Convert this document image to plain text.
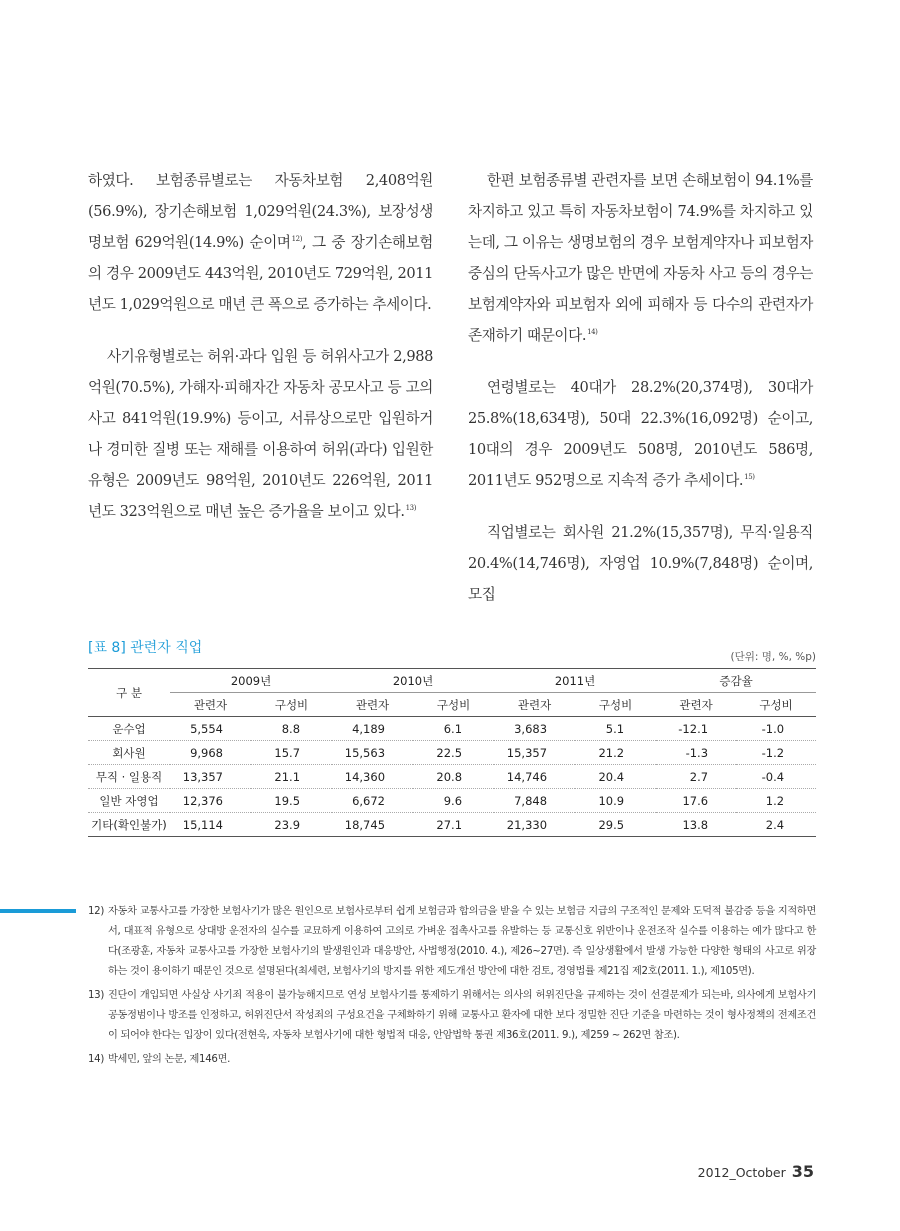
하였다. 보험종류별로는 자동차보험 2,408억원(56.9%), 장기손해보험 1,029억원(24.3%), 보장성생명보험 629억원(14.9%) 순이며$^{12)}$, 그 중 장기손해보험의 경우 2009년도 443억원, 2010년도 729억원, 2011년도 1,029억원으로 매년 큰 폭으로 증가하는 추세이다.

사기유형별로는 허위·과다 입원 등 허위사고가 2,988억원(70.5%), 가해자·피해자간 자동차 공모사고 등 고의사고 841억원(19.9%) 등이고, 서류상으로만 입원하거나 경미한 질병 또는 재해를 이용하여 허위(과다) 입원한 유형은 2009년도 98억원, 2010년도 226억원, 2011년도 323억원으로 매년 높은 증가율을 보이고 있다.$^{13)}$

한편 보험종류별 관련자를 보면 손해보험이 94.1%를 차지하고 있고 특히 자동차보험이 74.9%를 차지하고 있는데, 그 이유는 생명보험의 경우 보험계약자나 피보험자 중심의 단독사고가 많은 반면에 자동차 사고 등의 경우는 보험계약자와 피보험자 외에 피해자 등 다수의 관련자가 존재하기 때문이다.$^{14)}$

연령별로는 40대가 28.2%(20,374명), 30대가 25.8%(18,634명), 50대 22.3%(16,092명) 순이고, 10대의 경우 2009년도 508명, 2010년도 586명, 2011년도 952명으로 지속적 증가 추세이다.$^{15)}$

직업별로는 회사원 21.2%(15,357명), 무직·일용직 20.4%(14,746명), 자영업 10.9%(7,848명) 순이며, 모집

[표 8] 관련자 직업
(단위: 명, %, %p)
구 분	2009년		2010년		2011년		증감율	
	관련자	구성비	관련자	구성비	관련자	구성비	관련자	구성비
운수업	5,554	8.8	4,189	6.1	3,683	5.1	-12.1	-1.0
회사원	9,968	15.7	15,563	22.5	15,357	21.2	-1.3	-1.2
무직 · 일용직	13,357	21.1	14,360	20.8	14,746	20.4	2.7	-0.4
일반 자영업	12,376	19.5	6,672	9.6	7,848	10.9	17.6	1.2
기타(확인불가)	15,114	23.9	18,745	27.1	21,330	29.5	13.8	2.4
12) 자동차 교통사고를 가장한 보험사기가 많은 원인으로 보험사로부터 쉽게 보험금과 합의금을 받을 수 있는 보험금 지급의 구조적인 문제와 도덕적 불감증 등을 지적하면서, 대표적 유형으로 상대방 운전자의 실수를 교묘하게 이용하여 고의로 가벼운 접촉사고를 유발하는 등 교통신호 위반이나 운전조작 실수를 이용하는 예가 많다고 한다(조광훈, 자동차 교통사고를 가장한 보험사기의 발생원인과 대응방안, 사법행정(2010. 4.), 제26~27면). 즉 일상생활에서 발생 가능한 다양한 형태의 사고로 위장하는 것이 용이하기 때문인 것으로 설명된다(최세련, 보험사기의 방지를 위한 제도개선 방안에 대한 검토, 경영법률 제21집 제2호(2011. 1.), 제105면).
13) 진단이 개입되면 사실상 사기죄 적용이 불가능해지므로 연성 보험사기를 통제하기 위해서는 의사의 허위진단을 규제하는 것이 선결문제가 되는바, 의사에게 보험사기 공동정범이나 방조를 인정하고, 허위진단서 작성죄의 구성요건을 구체화하기 위해 교통사고 환자에 대한 보다 정밀한 진단 기준을 마련하는 것이 형사정책의 전제조건이 되어야 한다는 입장이 있다(전현욱, 자동차 보험사기에 대한 형법적 대응, 안암법학 통권 제36호(2011. 9.), 제259 ~ 262면 참조).
14) 박세민, 앞의 논문, 제146면.
2012_October 35
